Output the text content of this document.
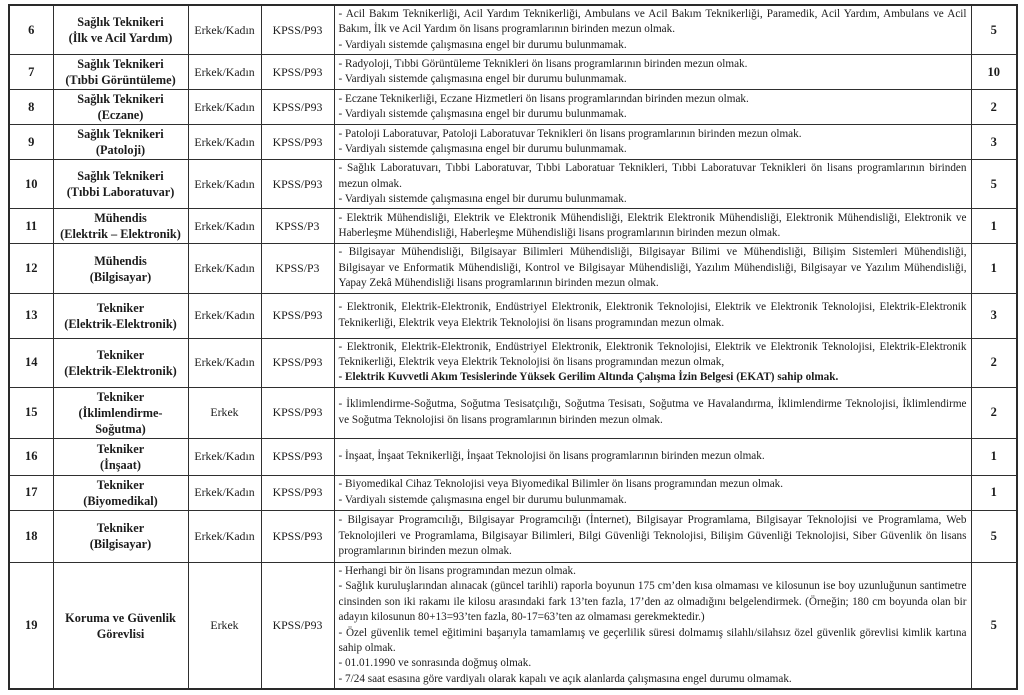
6	Sağlık Teknikeri
(İlk ve Acil Yardım)
	Erkek/Kadın	KPSS/P93	
- Acil Bakım Teknikerliği, Acil Yardım Teknikerliği, Ambulans ve Acil Bakım Teknikerliği, Paramedik, Acil Yardım, Ambulans ve Acil Bakım, İlk ve Acil Yardım ön lisans programlarının birinden mezun olmak.
- Vardiyalı sistemde çalışmasına engel bir durumu bulunmamak.
	5
7	Sağlık Teknikeri
(Tıbbi Görüntüleme)
	Erkek/Kadın	KPSS/P93	
- Radyoloji, Tıbbi Görüntüleme Teknikleri ön lisans programlarının birinden mezun olmak.
- Vardiyalı sistemde çalışmasına engel bir durumu bulunmamak.
	10
8	Sağlık Teknikeri
(Eczane)
	Erkek/Kadın	KPSS/P93	
- Eczane Teknikerliği, Eczane Hizmetleri ön lisans programlarından birinden mezun olmak.
- Vardiyalı sistemde çalışmasına engel bir durumu bulunmamak.
	2
9	Sağlık Teknikeri
(Patoloji)
	Erkek/Kadın	KPSS/P93	
- Patoloji Laboratuvar, Patoloji Laboratuvar Teknikleri ön lisans programlarının birinden mezun olmak.
- Vardiyalı sistemde çalışmasına engel bir durumu bulunmamak.
	3
10	Sağlık Teknikeri
(Tıbbi Laboratuvar)
	Erkek/Kadın	KPSS/P93	
- Sağlık Laboratuvarı, Tıbbi Laboratuvar, Tıbbi Laboratuar Teknikleri, Tıbbi Laboratuvar Teknikleri ön lisans programlarının birinden mezun olmak.
- Vardiyalı sistemde çalışmasına engel bir durumu bulunmamak.
	5
11	Mühendis
(Elektrik – Elektronik)	Erkek/Kadın	KPSS/P3	- Elektrik Mühendisliği, Elektrik ve Elektronik Mühendisliği, Elektrik Elektronik Mühendisliği, Elektronik Mühendisliği, Elektronik ve Haberleşme Mühendisliği, Haberleşme Mühendisliği lisans programlarının birinden mezun olmak.	1
12	Mühendis
(Bilgisayar)	Erkek/Kadın	KPSS/P3	- Bilgisayar Mühendisliği, Bilgisayar Bilimleri Mühendisliği, Bilgisayar Bilimi ve Mühendisliği, Bilişim Sistemleri Mühendisliği, Bilgisayar ve Enformatik Mühendisliği, Kontrol ve Bilgisayar Mühendisliği, Yazılım Mühendisliği, Bilgisayar ve Yazılım Mühendisliği, Yapay Zekâ Mühendisliği lisans programlarının birinden mezun olmak.	1
13	Tekniker
(Elektrik-Elektronik)	Erkek/Kadın	KPSS/P93	- Elektronik, Elektrik-Elektronik, Endüstriyel Elektronik, Elektronik Teknolojisi, Elektrik ve Elektronik Teknolojisi, Elektrik-Elektronik Teknikerliği, Elektrik veya Elektrik Teknolojisi ön lisans programından mezun olmak.	3
14	Tekniker
(Elektrik-Elektronik)
	Erkek/Kadın	KPSS/P93	
- Elektronik, Elektrik-Elektronik, Endüstriyel Elektronik, Elektronik Teknolojisi, Elektrik ve Elektronik Teknolojisi, Elektrik-Elektronik Teknikerliği, Elektrik veya Elektrik Teknolojisi ön lisans programından mezun olmak,
- Elektrik Kuvvetli Akım Tesislerinde Yüksek Gerilim Altında Çalışma İzin Belgesi (EKAT) sahip olmak.
	2
15	Tekniker
(İklimlendirme-Soğutma)	Erkek	KPSS/P93	- İklimlendirme-Soğutma, Soğutma Tesisatçılığı, Soğutma Tesisatı, Soğutma ve Havalandırma, İklimlendirme Teknolojisi, İklimlendirme ve Soğutma Teknolojisi ön lisans programlarının birinden mezun olmak.	2
16	Tekniker
(İnşaat)	Erkek/Kadın	KPSS/P93	- İnşaat, İnşaat Teknikerliği, İnşaat Teknolojisi ön lisans programlarının birinden mezun olmak.	1
17	Tekniker
(Biyomedikal)
	Erkek/Kadın	KPSS/P93	
- Biyomedikal Cihaz Teknolojisi veya Biyomedikal Bilimler ön lisans programından mezun olmak.
- Vardiyalı sistemde çalışmasına engel bir durumu bulunmamak.
	1
18	Tekniker
(Bilgisayar)	Erkek/Kadın	KPSS/P93	- Bilgisayar Programcılığı, Bilgisayar Programcılığı (İnternet), Bilgisayar Programlama, Bilgisayar Teknolojisi ve Programlama, Web Teknolojileri ve Programlama, Bilgisayar Bilimleri, Bilgi Güvenliği Teknolojisi, Bilişim Güvenliği Teknolojisi, Siber Güvenlik ön lisans programlarının birinden mezun olmak.	5
19	Koruma ve Güvenlik Görevlisi	Erkek	KPSS/P93	- Herhangi bir ön lisans programından mezun olmak.
- Sağlık kuruluşlarından alınacak (güncel tarihli) raporla boyunun 175 cm’den kısa olmaması ve kilosunun ise boy uzunluğunun santimetre cinsinden son iki rakamı ile kilosu arasındaki fark 13’ten fazla, 17’den az olmadığını belgelendirmek. (Örneğin; 180 cm boyunda olan bir adayın kilosunun 80+13=93’ten fazla, 80-17=63’ten az olmaması gerekmektedir.)
- Özel güvenlik temel eğitimini başarıyla tamamlamış ve geçerlilik süresi dolmamış silahlı/silahsız özel güvenlik görevlisi kimlik kartına sahip olmak.
- 01.01.1990 ve sonrasında doğmuş olmak.
- 7/24 saat esasına göre vardiyalı olarak kapalı ve açık alanlarda çalışmasına engel durumu olmamak.	5
